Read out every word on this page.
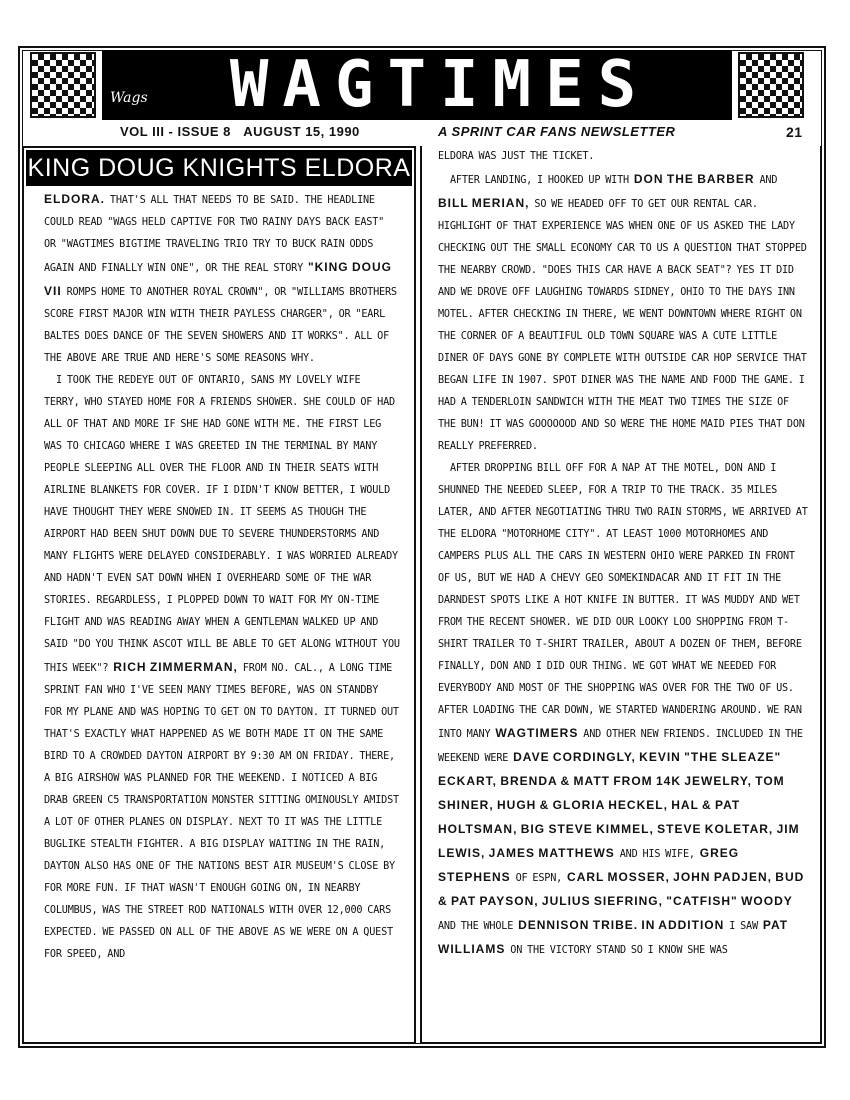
WAGTIMES
Wags
VOL III - ISSUE 8 AUGUST 15, 1990	A SPRINT CAR FANS NEWSLETTER	21
KING DOUG KNIGHTS ELDORA

ELDORA. THAT'S ALL THAT NEEDS TO BE SAID. THE HEADLINE COULD READ "WAGS HELD CAPTIVE FOR TWO RAINY DAYS BACK EAST" OR "WAGTIMES BIGTIME TRAVELING TRIO TRY TO BUCK RAIN ODDS AGAIN AND FINALLY WIN ONE", OR THE REAL STORY "KING DOUG VII ROMPS HOME TO ANOTHER ROYAL CROWN", OR "WILLIAMS BROTHERS SCORE FIRST MAJOR WIN WITH THEIR PAYLESS CHARGER", OR "EARL BALTES DOES DANCE OF THE SEVEN SHOWERS AND IT WORKS". ALL OF THE ABOVE ARE TRUE AND HERE'S SOME REASONS WHY.

I TOOK THE REDEYE OUT OF ONTARIO, SANS MY LOVELY WIFE TERRY, WHO STAYED HOME FOR A FRIENDS SHOWER. SHE COULD OF HAD ALL OF THAT AND MORE IF SHE HAD GONE WITH ME. THE FIRST LEG WAS TO CHICAGO WHERE I WAS GREETED IN THE TERMINAL BY MANY PEOPLE SLEEPING ALL OVER THE FLOOR AND IN THEIR SEATS WITH AIRLINE BLANKETS FOR COVER. IF I DIDN'T KNOW BETTER, I WOULD HAVE THOUGHT THEY WERE SNOWED IN. IT SEEMS AS THOUGH THE AIRPORT HAD BEEN SHUT DOWN DUE TO SEVERE THUNDERSTORMS AND MANY FLIGHTS WERE DELAYED CONSIDERABLY. I WAS WORRIED ALREADY AND HADN'T EVEN SAT DOWN WHEN I OVERHEARD SOME OF THE WAR STORIES. REGARDLESS, I PLOPPED DOWN TO WAIT FOR MY ON-TIME FLIGHT AND WAS READING AWAY WHEN A GENTLEMAN WALKED UP AND SAID "DO YOU THINK ASCOT WILL BE ABLE TO GET ALONG WITHOUT YOU THIS WEEK"? RICH ZIMMERMAN, FROM NO. CAL., A LONG TIME SPRINT FAN WHO I'VE SEEN MANY TIMES BEFORE, WAS ON STANDBY FOR MY PLANE AND WAS HOPING TO GET ON TO DAYTON. IT TURNED OUT THAT'S EXACTLY WHAT HAPPENED AS WE BOTH MADE IT ON THE SAME BIRD TO A CROWDED DAYTON AIRPORT BY 9:30 AM ON FRIDAY. THERE, A BIG AIRSHOW WAS PLANNED FOR THE WEEKEND. I NOTICED A BIG DRAB GREEN C5 TRANSPORTATION MONSTER SITTING OMINOUSLY AMIDST A LOT OF OTHER PLANES ON DISPLAY. NEXT TO IT WAS THE LITTLE BUGLIKE STEALTH FIGHTER. A BIG DISPLAY WAITING IN THE RAIN, DAYTON ALSO HAS ONE OF THE NATIONS BEST AIR MUSEUM'S CLOSE BY FOR MORE FUN. IF THAT WASN'T ENOUGH GOING ON, IN NEARBY COLUMBUS, WAS THE STREET ROD NATIONALS WITH OVER 12,000 CARS EXPECTED. WE PASSED ON ALL OF THE ABOVE AS WE WERE ON A QUEST FOR SPEED, AND

ELDORA WAS JUST THE TICKET.

AFTER LANDING, I HOOKED UP WITH DON THE BARBER AND BILL MERIAN, SO WE HEADED OFF TO GET OUR RENTAL CAR. HIGHLIGHT OF THAT EXPERIENCE WAS WHEN ONE OF US ASKED THE LADY CHECKING OUT THE SMALL ECONOMY CAR TO US A QUESTION THAT STOPPED THE NEARBY CROWD. "DOES THIS CAR HAVE A BACK SEAT"? YES IT DID AND WE DROVE OFF LAUGHING TOWARDS SIDNEY, OHIO TO THE DAYS INN MOTEL. AFTER CHECKING IN THERE, WE WENT DOWNTOWN WHERE RIGHT ON THE CORNER OF A BEAUTIFUL OLD TOWN SQUARE WAS A CUTE LITTLE DINER OF DAYS GONE BY COMPLETE WITH OUTSIDE CAR HOP SERVICE THAT BEGAN LIFE IN 1907. SPOT DINER WAS THE NAME AND FOOD THE GAME. I HAD A TENDERLOIN SANDWICH WITH THE MEAT TWO TIMES THE SIZE OF THE BUN! IT WAS GOOOOOOD AND SO WERE THE HOME MAID PIES THAT DON REALLY PREFERRED.

AFTER DROPPING BILL OFF FOR A NAP AT THE MOTEL, DON AND I SHUNNED THE NEEDED SLEEP, FOR A TRIP TO THE TRACK. 35 MILES LATER, AND AFTER NEGOTIATING THRU TWO RAIN STORMS, WE ARRIVED AT THE ELDORA "MOTORHOME CITY". AT LEAST 1000 MOTORHOMES AND CAMPERS PLUS ALL THE CARS IN WESTERN OHIO WERE PARKED IN FRONT OF US, BUT WE HAD A CHEVY GEO SOMEKINDACAR AND IT FIT IN THE DARNDEST SPOTS LIKE A HOT KNIFE IN BUTTER. IT WAS MUDDY AND WET FROM THE RECENT SHOWER. WE DID OUR LOOKY LOO SHOPPING FROM T-SHIRT TRAILER TO T-SHIRT TRAILER, ABOUT A DOZEN OF THEM, BEFORE FINALLY, DON AND I DID OUR THING. WE GOT WHAT WE NEEDED FOR EVERYBODY AND MOST OF THE SHOPPING WAS OVER FOR THE TWO OF US. AFTER LOADING THE CAR DOWN, WE STARTED WANDERING AROUND. WE RAN INTO MANY WAGTIMERS AND OTHER NEW FRIENDS. INCLUDED IN THE WEEKEND WERE DAVE CORDINGLY, KEVIN "THE SLEAZE" ECKART, BRENDA & MATT FROM 14K JEWELRY, TOM SHINER, HUGH & GLORIA HECKEL, HAL & PAT HOLTSMAN, BIG STEVE KIMMEL, STEVE KOLETAR, JIM LEWIS, JAMES MATTHEWS AND HIS WIFE, GREG STEPHENS OF ESPN, CARL MOSSER, JOHN PADJEN, BUD & PAT PAYSON, JULIUS SIEFRING, "CATFISH" WOODY AND THE WHOLE DENNISON TRIBE. IN ADDITION I SAW PAT WILLIAMS ON THE VICTORY STAND SO I KNOW SHE WAS
